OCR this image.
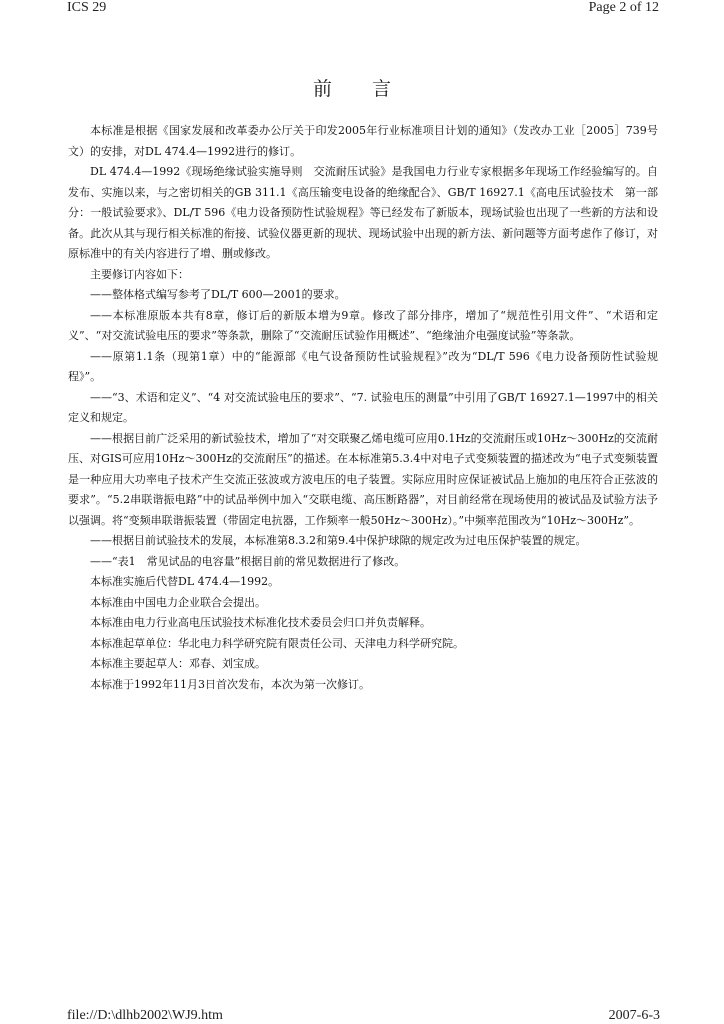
ICS 29	Page 2 of 12
前言

本标准是根据《国家发展和改革委办公厅关于印发2005年行业标准项目计划的通知》（发改办工业［2005］739号文）的安排，对DL 474.4—1992进行的修订。

DL 474.4—1992《现场绝缘试验实施导则　交流耐压试验》是我国电力行业专家根据多年现场工作经验编写的。自发布、实施以来，与之密切相关的GB 311.1《高压输变电设备的绝缘配合》、GB/T 16927.1《高电压试验技术　第一部分：一般试验要求》、DL/T 596《电力设备预防性试验规程》等已经发布了新版本，现场试验也出现了一些新的方法和设备。此次从其与现行相关标准的衔接、试验仪器更新的现状、现场试验中出现的新方法、新问题等方面考虑作了修订，对原标准中的有关内容进行了增、删或修改。

主要修订内容如下：

——整体格式编写参考了DL/T 600—2001的要求。

——本标准原版本共有8章，修订后的新版本增为9章。修改了部分排序，增加了“规范性引用文件”、“术语和定义”、“对交流试验电压的要求”等条款，删除了“交流耐压试验作用概述”、“绝缘油介电强度试验”等条款。

——原第1.1条（现第1章）中的“能源部《电气设备预防性试验规程》”改为“DL/T 596《电力设备预防性试验规程》”。

——“3、术语和定义”、“4 对交流试验电压的要求”、“7. 试验电压的测量”中引用了GB/T 16927.1—1997中的相关定义和规定。

——根据目前广泛采用的新试验技术，增加了“对交联聚乙烯电缆可应用0.1Hz的交流耐压或10Hz～300Hz的交流耐压、对GIS可应用10Hz～300Hz的交流耐压”的描述。在本标准第5.3.4中对电子式变频装置的描述改为“电子式变频装置是一种应用大功率电子技术产生交流正弦波或方波电压的电子装置。实际应用时应保证被试品上施加的电压符合正弦波的要求”。“5.2串联谐振电路”中的试品举例中加入“交联电缆、高压断路器”，对目前经常在现场使用的被试品及试验方法予以强调。将“变频串联谐振装置（带固定电抗器，工作频率一般50Hz～300Hz）。”中频率范围改为“10Hz～300Hz”。

——根据目前试验技术的发展，本标准第8.3.2和第9.4中保护球隙的规定改为过电压保护装置的规定。

——“表1　常见试品的电容量”根据目前的常见数据进行了修改。

本标准实施后代替DL 474.4—1992。

本标准由中国电力企业联合会提出。

本标准由电力行业高电压试验技术标准化技术委员会归口并负责解释。

本标准起草单位：华北电力科学研究院有限责任公司、天津电力科学研究院。

本标准主要起草人：邓春、刘宝成。

本标准于1992年11月3日首次发布，本次为第一次修订。

file://D:\dlhb2002\WJ9.htm	2007-6-3
